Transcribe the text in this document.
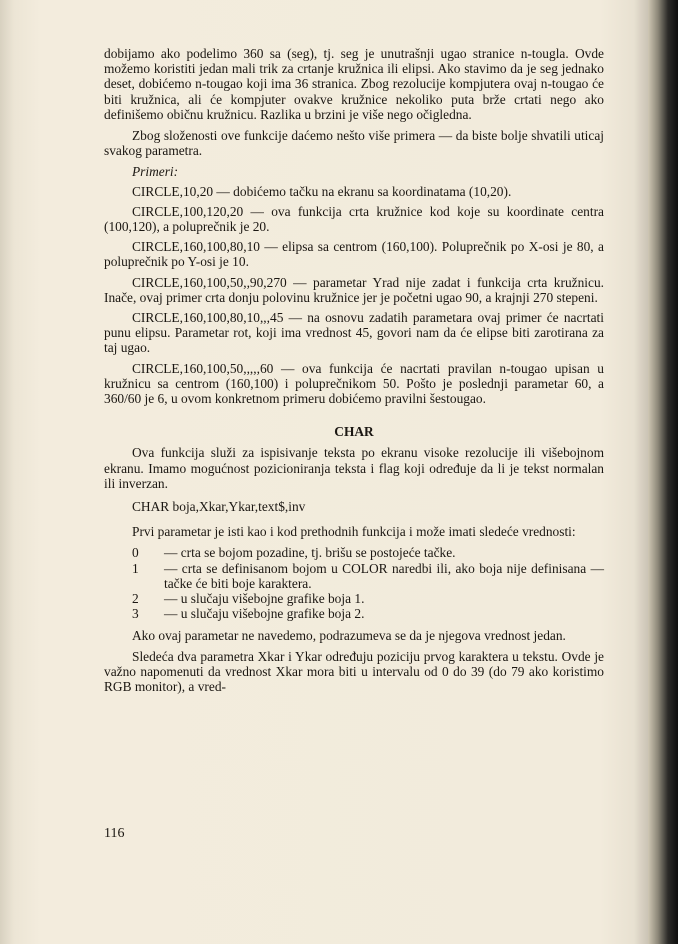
dobijamo ako podelimo 360 sa (seg), tj. seg je unutrašnji ugao stranice n-tougla. Ovde možemo koristiti jedan mali trik za crtanje kružnica ili elipsi. Ako stavimo da je seg jednako deset, dobićemo n-tougao koji ima 36 stranica. Zbog rezolucije kompjutera ovaj n-tougao će biti kružnica, ali će kompjuter ovakve kružnice nekoliko puta brže crtati nego ako definišemo običnu kružnicu. Razlika u brzini je više nego očigledna.

Zbog složenosti ove funkcije daćemo nešto više primera — da biste bolje shvatili uticaj svakog parametra.

Primeri:

CIRCLE,10,20 — dobićemo tačku na ekranu sa koordinatama (10,20).

CIRCLE,100,120,20 — ova funkcija crta kružnice kod koje su koordinate centra (100,120), a poluprečnik je 20.

CIRCLE,160,100,80,10 — elipsa sa centrom (160,100). Poluprečnik po X-osi je 80, a poluprečnik po Y-osi je 10.

CIRCLE,160,100,50,,90,270 — parametar Yrad nije zadat i funkcija crta kružnicu. Inače, ovaj primer crta donju polovinu kružnice jer je početni ugao 90, a krajnji 270 stepeni.

CIRCLE,160,100,80,10,,,45 — na osnovu zadatih parametara ovaj primer će nacrtati punu elipsu. Parametar rot, koji ima vrednost 45, govori nam da će elipse biti zarotirana za taj ugao.

CIRCLE,160,100,50,,,,,60 — ova funkcija će nacrtati pravilan n-tougao upisan u kružnicu sa centrom (160,100) i poluprečnikom 50. Pošto je poslednji parametar 60, a 360/60 je 6, u ovom konkretnom primeru dobićemo pravilni šestougao.

CHAR

Ova funkcija služi za ispisivanje teksta po ekranu visoke rezolucije ili višebojnom ekranu. Imamo mogućnost pozicioniranja teksta i flag koji određuje da li je tekst normalan ili inverzan.

CHAR boja,Xkar,Ykar,text$,inv

Prvi parametar je isti kao i kod prethodnih funkcija i može imati sledeće vrednosti:

0 — crta se bojom pozadine, tj. brišu se postojeće tačke.
1 — crta se definisanom bojom u COLOR naredbi ili, ako boja nije definisana — tačke će biti boje karaktera.
2 — u slučaju višebojne grafike boja 1.
3 — u slučaju višebojne grafike boja 2.

Ako ovaj parametar ne navedemo, podrazumeva se da je njegova vrednost jedan.

Sledeća dva parametra Xkar i Ykar određuju poziciju prvog karaktera u tekstu. Ovde je važno napomenuti da vrednost Xkar mora biti u intervalu od 0 do 39 (do 79 ako koristimo RGB monitor), a vred-

116
